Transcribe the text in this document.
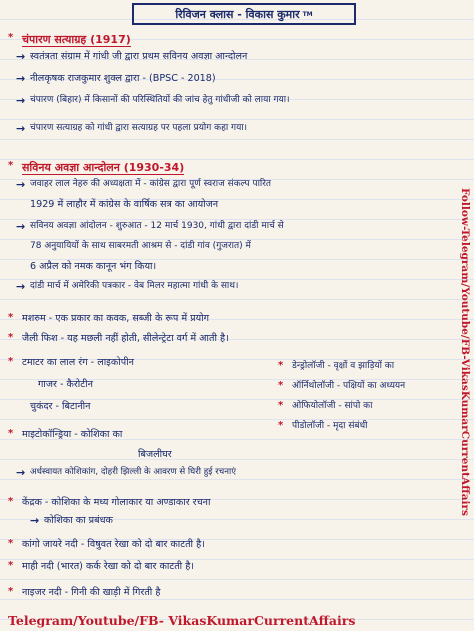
रिविजन क्लास - विकास कुमार TM
* चंपारण सत्याग्रह (1917)
→ स्वतंत्रता संग्राम में गांधी जी द्वारा प्रथम सविनय अवज्ञा आन्दोलन
→ नीलकृषक राजकुमार शुक्ल द्वारा - (BPSC - 2018)
→ चंपारण (बिहार) में किसानों की परिस्थितियों की जांच हेतु गांधीजी को लाया गया।
→ चंपारण सत्याग्रह को गांधी द्वारा सत्याग्रह पर पहला प्रयोग कहा गया।
* सविनय अवज्ञा आन्दोलन (1930-34)
→ जवाहर लाल नेहरु की अध्यक्षता में - कांग्रेस द्वारा पूर्ण स्वराज संकल्प पारित
1929 में लाहौर में कांग्रेस के वार्षिक सत्र का आयोजन
→ सविनय अवज्ञा आंदोलन - शुरुआत - 12 मार्च 1930, गांधी द्वारा दांडी मार्च से
78 अनुयायियों के साथ साबरमती आश्रम से - दांडी गांव (गुजरात) में
6 अप्रैल को नमक कानून भंग किया।
→ दांडी मार्च में अमेरिकी पत्रकार - वेब मिलर महात्मा गांधी के साथ।
* मशरुम - एक प्रकार का कवक, सब्जी के रूप में प्रयोग
* जैली फिश - यह मछली नहीं होती, सीलेन्ट्रेटा वर्ग में आती है।
* टमाटर का लाल रंग - लाइकोपीन
गाजर - कैरोटीन
चुकंदर - बिटानीन
* डेन्ड्रोलॉजी - वृक्षों व झाड़ियों का
* ऑर्निथोलॉजी - पक्षियों का अध्ययन
* ओफियोलॉजी - सांपो का
* पीडोलॉजी - मृदा संबंधी
* माइटोकॉन्ड्रिया - कोशिका का
बिजलीघर
→ अर्धस्वायत कोशिकांग, दोहरी झिल्ली के आवरण से घिरी हुई रचनाएं
* केंद्रक - कोशिका के मध्य गोलाकार या अण्डाकार रचना
→ कोशिका का प्रबंधक
* कांगो जायरे नदी - विषुवत रेखा को दो बार काटती है।
* माही नदी (भारत) कर्क रेखा को दो बार काटती है।
* नाइजर नदी - गिनी की खाड़ी में गिरती है
Follow-Telegram/Youtube/FB-VikasKumarCurrentAffairs
Telegram/Youtube/FB- VikasKumarCurrentAffairs
